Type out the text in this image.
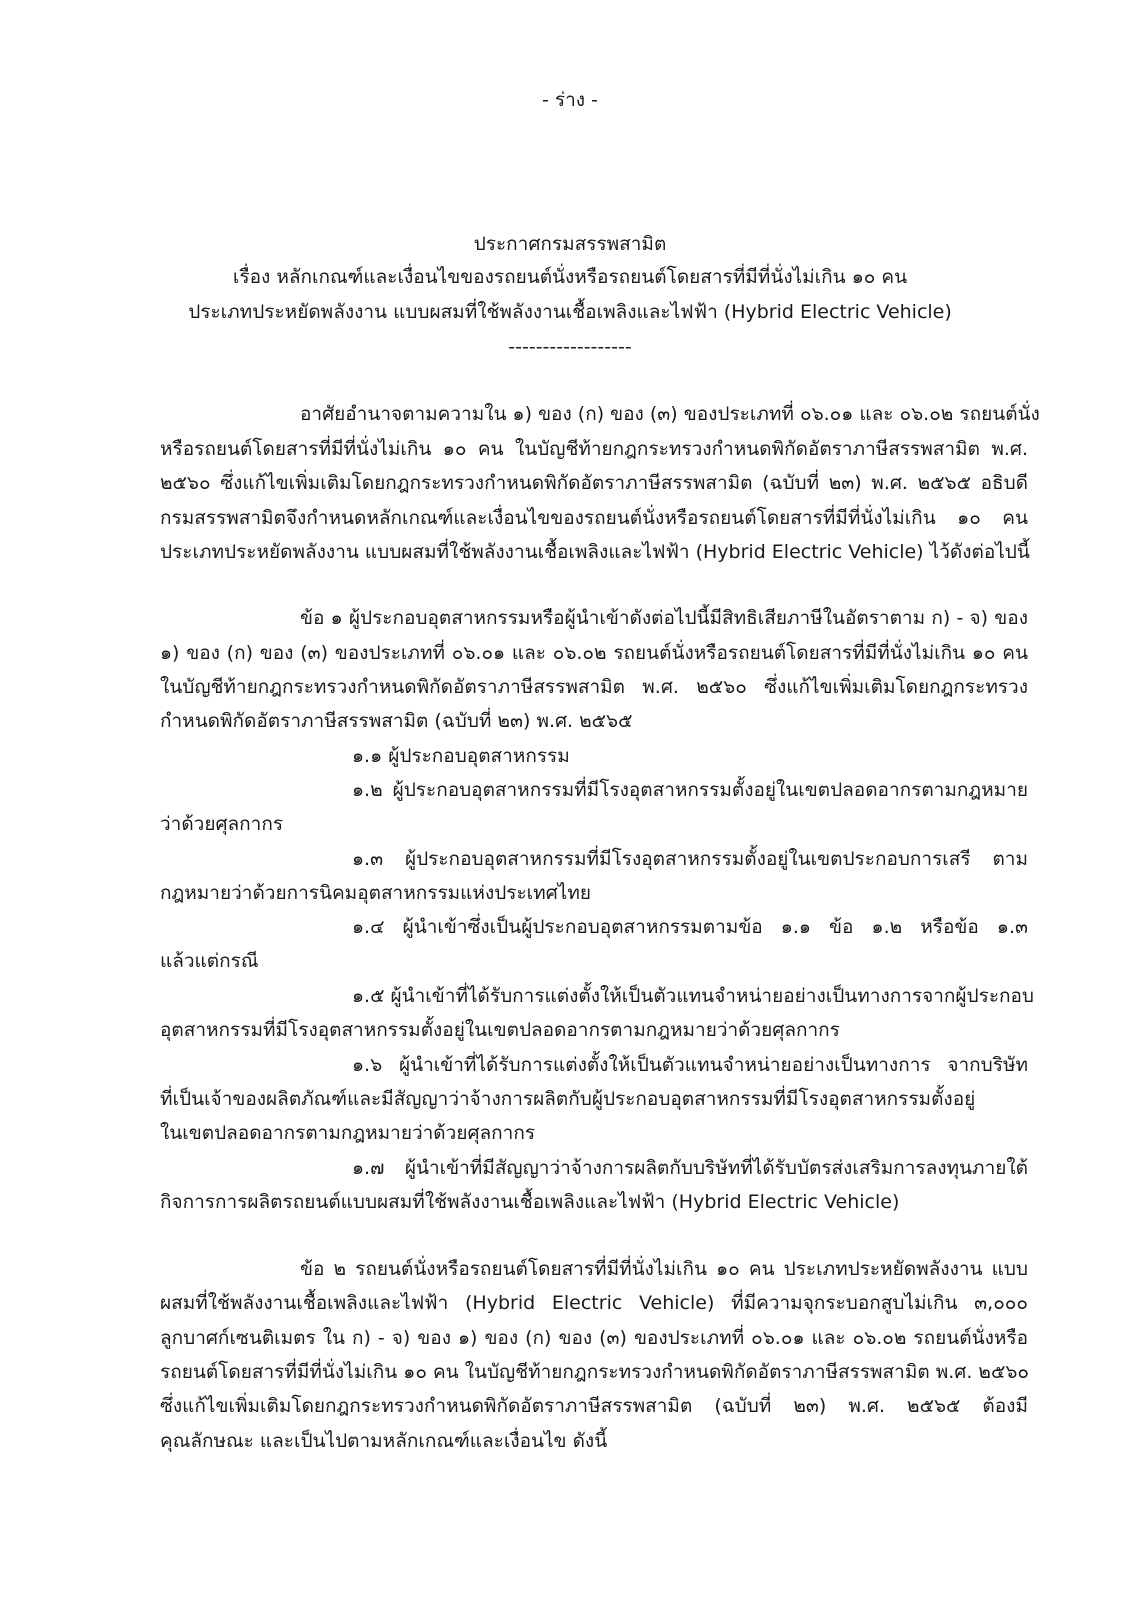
- ร่าง -
ประกาศกรมสรรพสามิต
เรื่อง หลักเกณฑ์และเงื่อนไขของรถยนต์นั่งหรือรถยนต์โดยสารที่มีที่นั่งไม่เกิน ๑๐ คน
ประเภทประหยัดพลังงาน แบบผสมที่ใช้พลังงานเชื้อเพลิงและไฟฟ้า (Hybrid Electric Vehicle)
------------------
อาศัยอำนาจตามความใน ๑) ของ (ก) ของ (๓) ของประเภทที่ ๐๖.๐๑ และ ๐๖.๐๒ รถยนต์นั่ง
หรือรถยนต์โดยสารที่มีที่นั่งไม่เกิน ๑๐ คน ในบัญชีท้ายกฎกระทรวงกำหนดพิกัดอัตราภาษีสรรพสามิต พ.ศ.
๒๕๖๐ ซึ่งแก้ไขเพิ่มเติมโดยกฎกระทรวงกำหนดพิกัดอัตราภาษีสรรพสามิต (ฉบับที่ ๒๓) พ.ศ. ๒๕๖๕ อธิบดี
กรมสรรพสามิตจึงกำหนดหลักเกณฑ์และเงื่อนไขของรถยนต์นั่งหรือรถยนต์โดยสารที่มีที่นั่งไม่เกิน ๑๐ คน
ประเภทประหยัดพลังงาน แบบผสมที่ใช้พลังงานเชื้อเพลิงและไฟฟ้า (Hybrid Electric Vehicle) ไว้ดังต่อไปนี้
ข้อ ๑ ผู้ประกอบอุตสาหกรรมหรือผู้นำเข้าดังต่อไปนี้มีสิทธิเสียภาษีในอัตราตาม ก) - จ) ของ
๑) ของ (ก) ของ (๓) ของประเภทที่ ๐๖.๐๑ และ ๐๖.๐๒ รถยนต์นั่งหรือรถยนต์โดยสารที่มีที่นั่งไม่เกิน ๑๐ คน
ในบัญชีท้ายกฎกระทรวงกำหนดพิกัดอัตราภาษีสรรพสามิต พ.ศ. ๒๕๖๐ ซึ่งแก้ไขเพิ่มเติมโดยกฎกระทรวง
กำหนดพิกัดอัตราภาษีสรรพสามิต (ฉบับที่ ๒๓) พ.ศ. ๒๕๖๕
๑.๑ ผู้ประกอบอุตสาหกรรม
๑.๒ ผู้ประกอบอุตสาหกรรมที่มีโรงอุตสาหกรรมตั้งอยู่ในเขตปลอดอากรตามกฎหมาย
ว่าด้วยศุลกากร
๑.๓ ผู้ประกอบอุตสาหกรรมที่มีโรงอุตสาหกรรมตั้งอยู่ในเขตประกอบการเสรี ตาม
กฎหมายว่าด้วยการนิคมอุตสาหกรรมแห่งประเทศไทย
๑.๔ ผู้นำเข้าซึ่งเป็นผู้ประกอบอุตสาหกรรมตามข้อ ๑.๑ ข้อ ๑.๒ หรือข้อ ๑.๓
แล้วแต่กรณี
๑.๕ ผู้นำเข้าที่ได้รับการแต่งตั้งให้เป็นตัวแทนจำหน่ายอย่างเป็นทางการจากผู้ประกอบ
อุตสาหกรรมที่มีโรงอุตสาหกรรมตั้งอยู่ในเขตปลอดอากรตามกฎหมายว่าด้วยศุลกากร
๑.๖ ผู้นำเข้าที่ได้รับการแต่งตั้งให้เป็นตัวแทนจำหน่ายอย่างเป็นทางการ จากบริษัท
ที่เป็นเจ้าของผลิตภัณฑ์และมีสัญญาว่าจ้างการผลิตกับผู้ประกอบอุตสาหกรรมที่มีโรงอุตสาหกรรมตั้งอยู่
ในเขตปลอดอากรตามกฎหมายว่าด้วยศุลกากร
๑.๗ ผู้นำเข้าที่มีสัญญาว่าจ้างการผลิตกับบริษัทที่ได้รับบัตรส่งเสริมการลงทุนภายใต้
กิจการการผลิตรถยนต์แบบผสมที่ใช้พลังงานเชื้อเพลิงและไฟฟ้า (Hybrid Electric Vehicle)
ข้อ ๒ รถยนต์นั่งหรือรถยนต์โดยสารที่มีที่นั่งไม่เกิน ๑๐ คน ประเภทประหยัดพลังงาน แบบ
ผสมที่ใช้พลังงานเชื้อเพลิงและไฟฟ้า (Hybrid Electric Vehicle) ที่มีความจุกระบอกสูบไม่เกิน ๓,๐๐๐
ลูกบาศก์เซนติเมตร ใน ก) - จ) ของ ๑) ของ (ก) ของ (๓) ของประเภทที่ ๐๖.๐๑ และ ๐๖.๐๒ รถยนต์นั่งหรือ
รถยนต์โดยสารที่มีที่นั่งไม่เกิน ๑๐ คน ในบัญชีท้ายกฎกระทรวงกำหนดพิกัดอัตราภาษีสรรพสามิต พ.ศ. ๒๕๖๐
ซึ่งแก้ไขเพิ่มเติมโดยกฎกระทรวงกำหนดพิกัดอัตราภาษีสรรพสามิต (ฉบับที่ ๒๓) พ.ศ. ๒๕๖๕ ต้องมี
คุณลักษณะ และเป็นไปตามหลักเกณฑ์และเงื่อนไข ดังนี้
